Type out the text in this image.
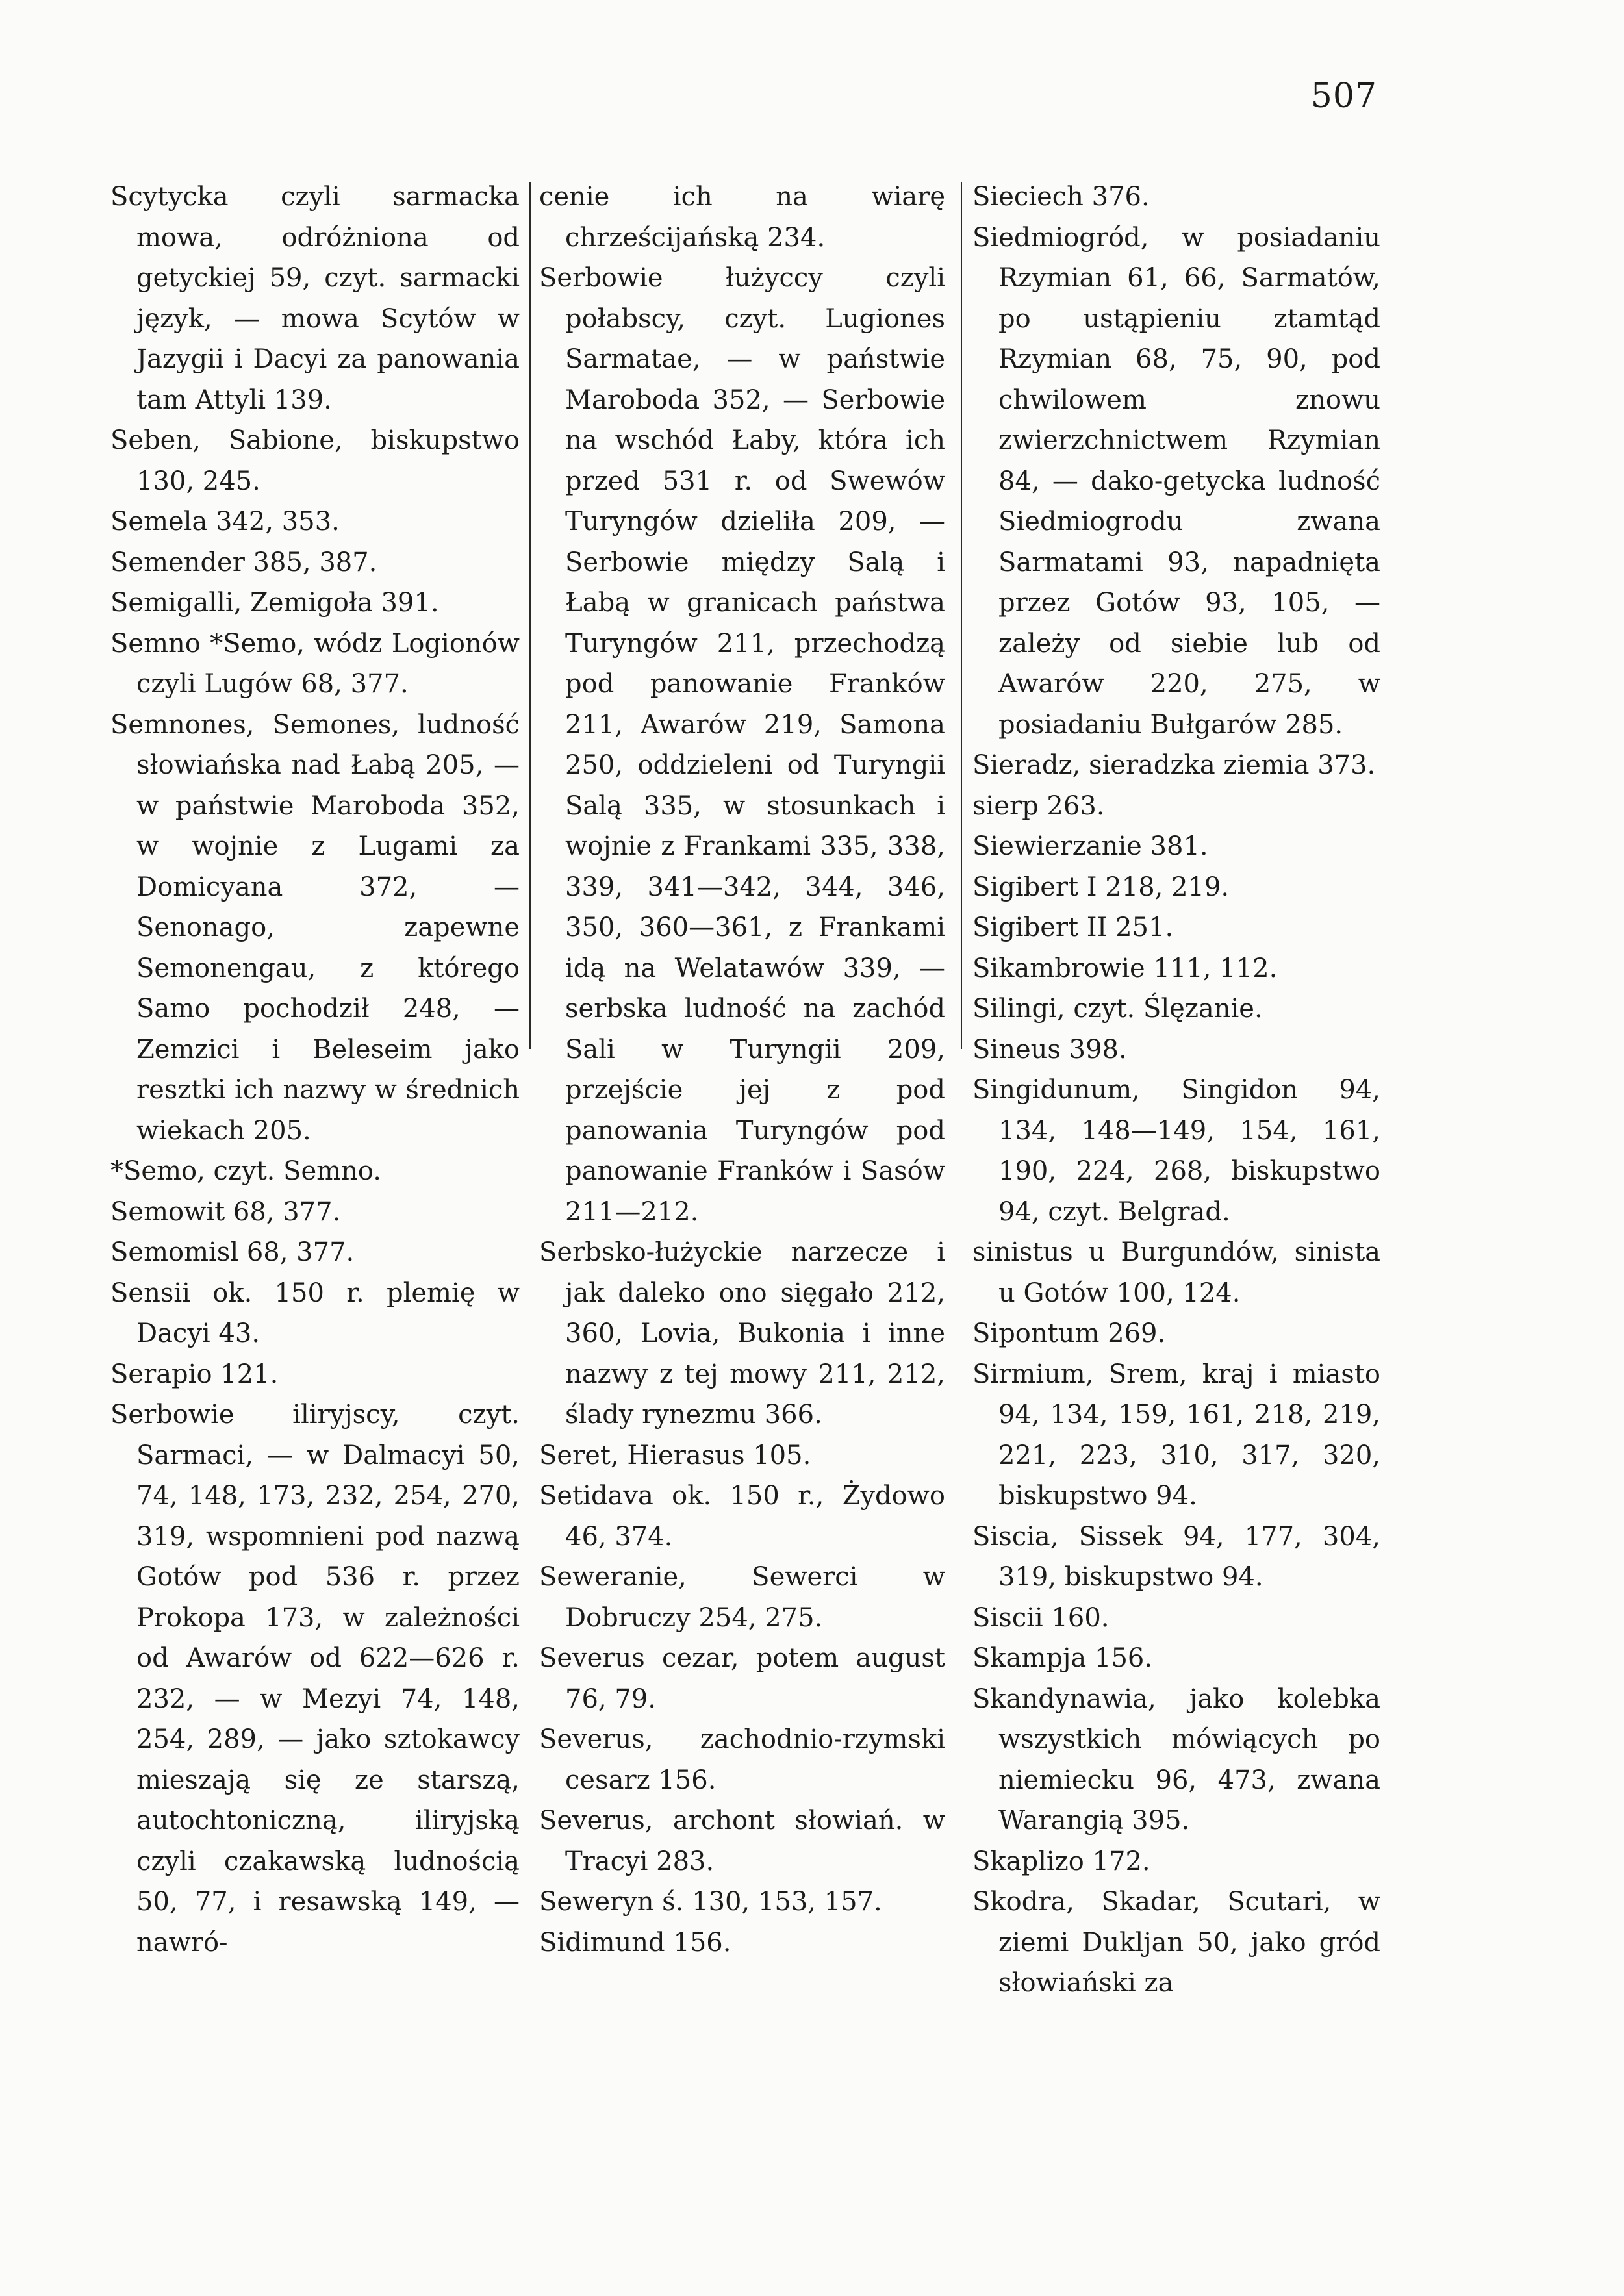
507

Scytycka czyli sarmacka mowa, odróżniona od getyckiej 59, czyt. sarmacki język, — mowa Scytów w Jazygii i Dacyi za panowania tam Attyli 139.

Seben, Sabione, biskupstwo 130, 245.

Semela 342, 353.

Semender 385, 387.

Semigalli, Zemigoła 391.

Semno *Semo, wódz Logionów czyli Lugów 68, 377.

Semnones, Semones, ludność słowiańska nad Łabą 205, — w państwie Maroboda 352, w wojnie z Lugami za Domicyana 372, — Senonago, zapewne Semonengau, z którego Samo pochodził 248, — Zemzici i Beleseim jako resztki ich nazwy w średnich wiekach 205.

*Semo, czyt. Semno.

Semowit 68, 377.

Semomisl 68, 377.

Sensii ok. 150 r. plemię w Dacyi 43.

Serapio 121.

Serbowie iliryjscy, czyt. Sarmaci, — w Dalmacyi 50, 74, 148, 173, 232, 254, 270, 319, wspomnieni pod nazwą Gotów pod 536 r. przez Prokopa 173, w zależności od Awarów od 622—626 r. 232, — w Mezyi 74, 148, 254, 289, — jako sztokawcy mieszają się ze starszą, autochtoniczną, iliryjską czyli czakawską ludnością 50, 77, i resawską 149, — nawró-

cenie ich na wiarę chrześcijańską 234.

Serbowie łużyccy czyli połabscy, czyt. Lugiones Sarmatae, — w państwie Maroboda 352, — Serbowie na wschód Łaby, która ich przed 531 r. od Swewów Turyngów dzieliła 209, — Serbowie między Salą i Łabą w granicach państwa Turyngów 211, przechodzą pod panowanie Franków 211, Awarów 219, Samona 250, oddzieleni od Turyngii Salą 335, w stosunkach i wojnie z Frankami 335, 338, 339, 341—342, 344, 346, 350, 360—361, z Frankami idą na Welatawów 339, — serbska ludność na zachód Sali w Turyngii 209, przejście jej z pod panowania Turyngów pod panowanie Franków i Sasów 211—212.

Serbsko-łużyckie narzecze i jak daleko ono sięgało 212, 360, Lovia, Bukonia i inne nazwy z tej mowy 211, 212, ślady rynezmu 366.

Seret, Hierasus 105.

Setidava ok. 150 r., Żydowo 46, 374.

Seweranie, Sewerci w Dobruczy 254, 275.

Severus cezar, potem august 76, 79.

Severus, zachodnio-rzymski cesarz 156.

Severus, archont słowiań. w Tracyi 283.

Seweryn ś. 130, 153, 157.

Sidimund 156.

Sieciech 376.

Siedmiogród, w posiadaniu Rzymian 61, 66, Sarmatów, po ustąpieniu ztamtąd Rzymian 68, 75, 90, pod chwilowem znowu zwierzchnictwem Rzymian 84, — dako-getycka ludność Siedmiogrodu zwana Sarmatami 93, napadnięta przez Gotów 93, 105, — zależy od siebie lub od Awarów 220, 275, w posiadaniu Bułgarów 285.

Sieradz, sieradzka ziemia 373.

sierp 263.

Siewierzanie 381.

Sigibert I 218, 219.

Sigibert II 251.

Sikambrowie 111, 112.

Silingi, czyt. Ślęzanie.

Sineus 398.

Singidunum, Singidon 94, 134, 148—149, 154, 161, 190, 224, 268, biskupstwo 94, czyt. Belgrad.

sinistus u Burgundów, sinista u Gotów 100, 124.

Sipontum 269.

Sirmium, Srem, kraj i miasto 94, 134, 159, 161, 218, 219, 221, 223, 310, 317, 320, biskupstwo 94.

Siscia, Sissek 94, 177, 304, 319, biskupstwo 94.

Siscii 160.

Skampja 156.

Skandynawia, jako kolebka wszystkich mówiących po niemiecku 96, 473, zwana Warangią 395.

Skaplizo 172.

Skodra, Skadar, Scutari, w ziemi Dukljan 50, jako gród słowiański za
